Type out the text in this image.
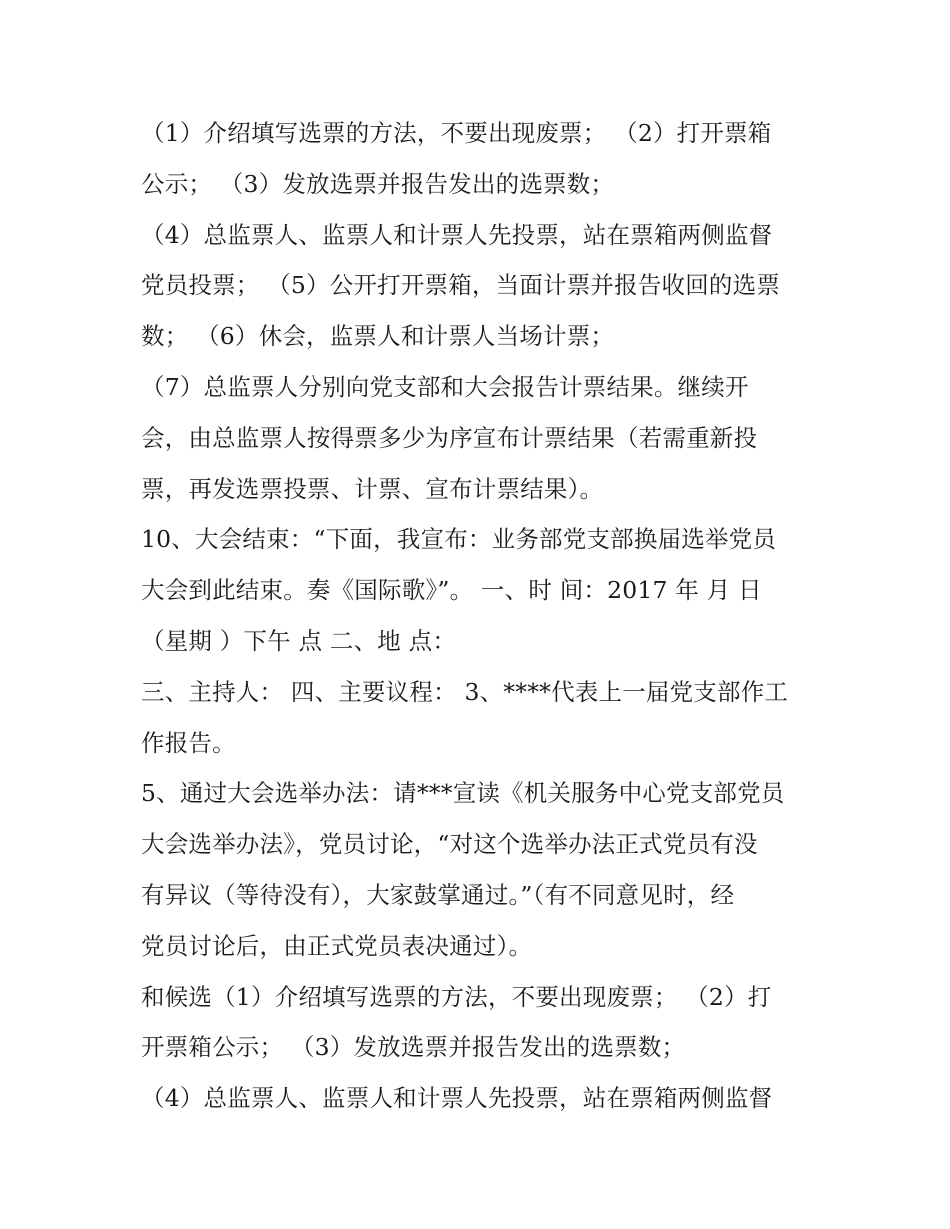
（1）介绍填写选票的方法，不要出现废票； （2）打开票箱
公示； （3）发放选票并报告发出的选票数；
（4）总监票人、监票人和计票人先投票，站在票箱两侧监督
党员投票； （5）公开打开票箱，当面计票并报告收回的选票
数； （6）休会，监票人和计票人当场计票；
（7）总监票人分别向党支部和大会报告计票结果。继续开
会，由总监票人按得票多少为序宣布计票结果（若需重新投
票，再发选票投票、计票、宣布计票结果）。
10、大会结束：“下面，我宣布：业务部党支部换届选举党员
大会到此结束。奏《国际歌》”。 一、时 间：2017 年 月 日
（星期 ）下午 点 二、地 点：
三、主持人： 四、主要议程： 3、****代表上一届党支部作工
作报告。
5、通过大会选举办法：请***宣读《机关服务中心党支部党员
大会选举办法》，党员讨论，“对这个选举办法正式党员有没
有异议（等待没有），大家鼓掌通过。”（有不同意见时，经
党员讨论后，由正式党员表决通过）。
和候选（1）介绍填写选票的方法，不要出现废票； （2）打
开票箱公示； （3）发放选票并报告发出的选票数；
（4）总监票人、监票人和计票人先投票，站在票箱两侧监督
